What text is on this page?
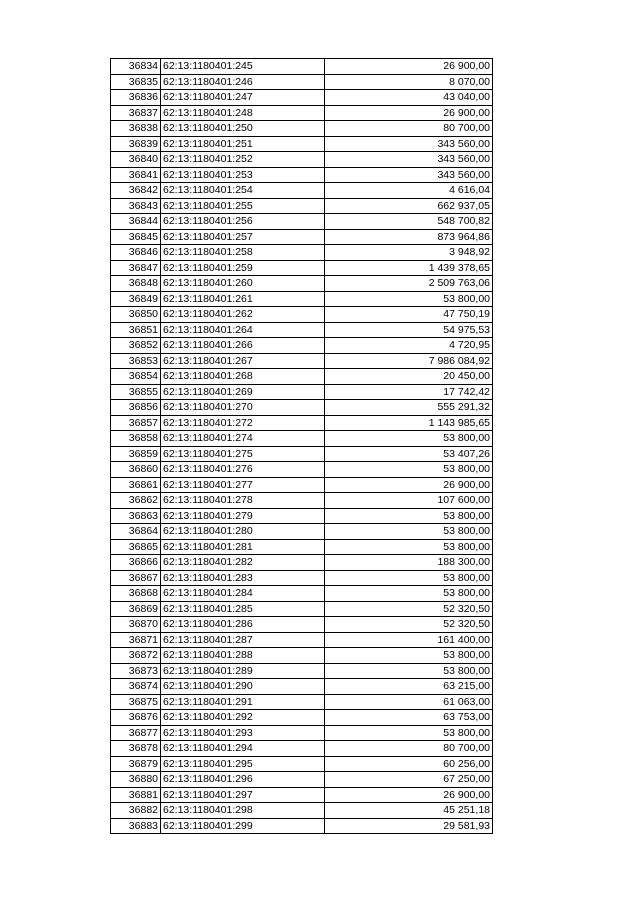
36834	62:13:1180401:245	26 900,00
36835	62:13:1180401:246	8 070,00
36836	62:13:1180401:247	43 040,00
36837	62:13:1180401:248	26 900,00
36838	62:13:1180401:250	80 700,00
36839	62:13:1180401:251	343 560,00
36840	62:13:1180401:252	343 560,00
36841	62:13:1180401:253	343 560,00
36842	62:13:1180401:254	4 616,04
36843	62:13:1180401:255	662 937,05
36844	62:13:1180401:256	548 700,82
36845	62:13:1180401:257	873 964,86
36846	62:13:1180401:258	3 948,92
36847	62:13:1180401:259	1 439 378,65
36848	62:13:1180401:260	2 509 763,06
36849	62:13:1180401:261	53 800,00
36850	62:13:1180401:262	47 750,19
36851	62:13:1180401:264	54 975,53
36852	62:13:1180401:266	4 720,95
36853	62:13:1180401:267	7 986 084,92
36854	62:13:1180401:268	20 450,00
36855	62:13:1180401:269	17 742,42
36856	62:13:1180401:270	555 291,32
36857	62:13:1180401:272	1 143 985,65
36858	62:13:1180401:274	53 800,00
36859	62:13:1180401:275	53 407,26
36860	62:13:1180401:276	53 800,00
36861	62:13:1180401:277	26 900,00
36862	62:13:1180401:278	107 600,00
36863	62:13:1180401:279	53 800,00
36864	62:13:1180401:280	53 800,00
36865	62:13:1180401:281	53 800,00
36866	62:13:1180401:282	188 300,00
36867	62:13:1180401:283	53 800,00
36868	62:13:1180401:284	53 800,00
36869	62:13:1180401:285	52 320,50
36870	62:13:1180401:286	52 320,50
36871	62:13:1180401:287	161 400,00
36872	62:13:1180401:288	53 800,00
36873	62:13:1180401:289	53 800,00
36874	62:13:1180401:290	63 215,00
36875	62:13:1180401:291	61 063,00
36876	62:13:1180401:292	63 753,00
36877	62:13:1180401:293	53 800,00
36878	62:13:1180401:294	80 700,00
36879	62:13:1180401:295	60 256,00
36880	62:13:1180401:296	67 250,00
36881	62:13:1180401:297	26 900,00
36882	62:13:1180401:298	45 251,18
36883	62:13:1180401:299	29 581,93
